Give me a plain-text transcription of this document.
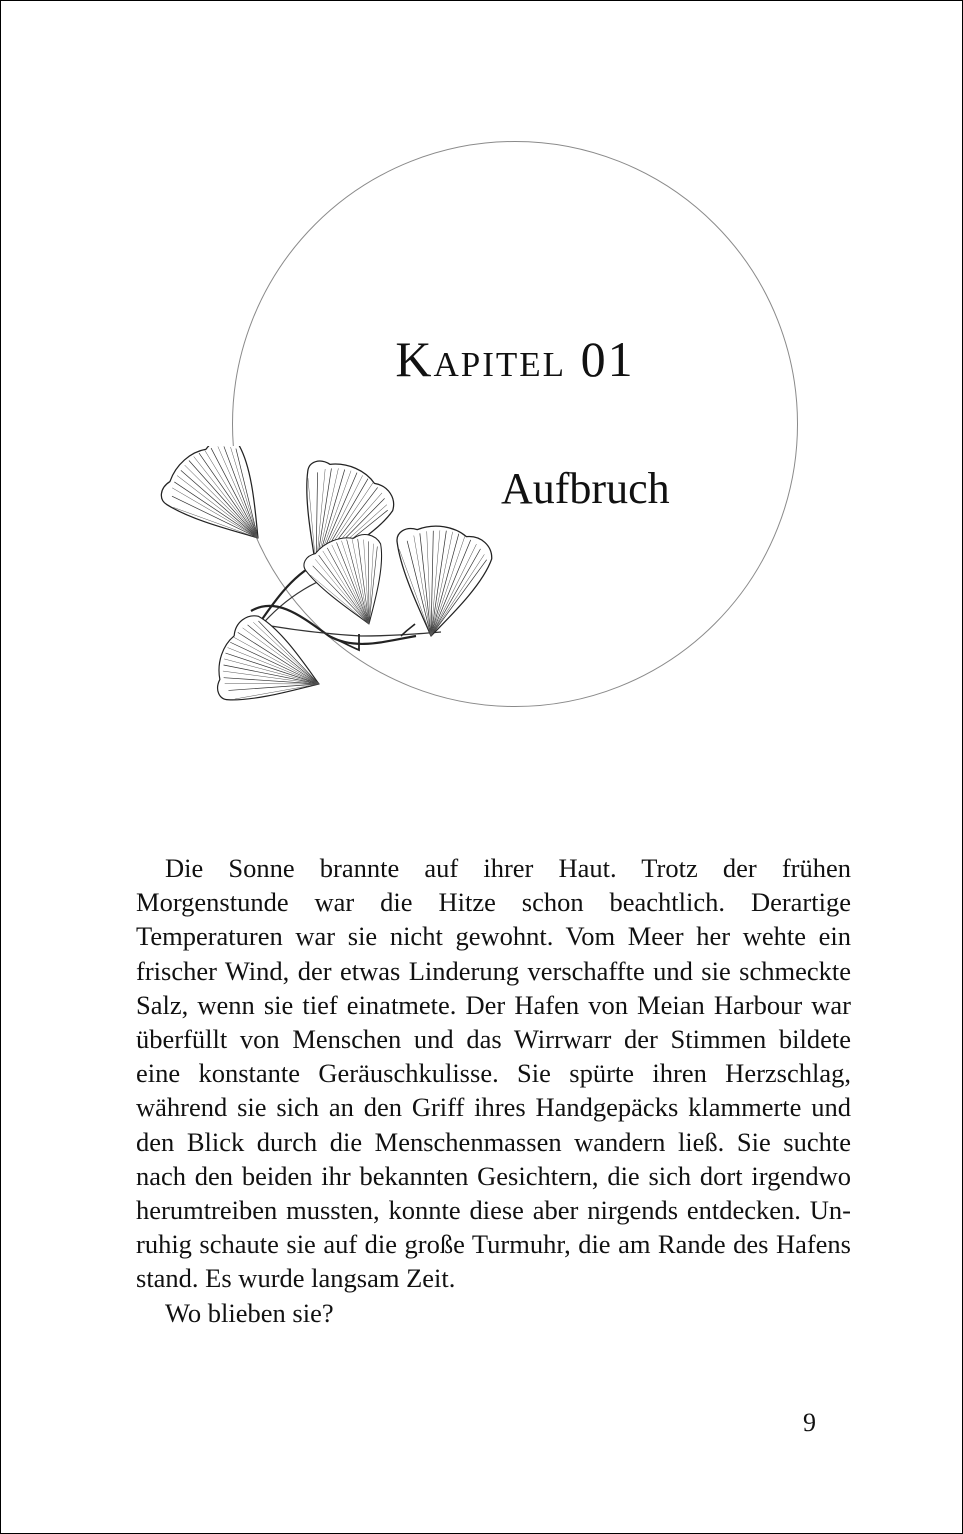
Kapitel 01
Aufbruch

Die Sonne brannte auf ihrer Haut. Trotz der frühen Morgenstunde war die Hitze schon beachtlich. Derartige Temperaturen war sie nicht gewohnt. Vom Meer her wehte ein frischer Wind, der etwas Linderung verschaffte und sie schmeckte Salz, wenn sie tief einatmete. Der Hafen von Meian Harbour war überfüllt von Menschen und das Wirrwarr der Stimmen bildete eine konstante Geräuschkulisse. Sie spürte ihren Herzschlag, während sie sich an den Griff ihres Handgepäcks klammerte und den Blick durch die Menschenmassen wandern ließ. Sie suchte nach den beiden ihr bekannten Gesichtern, die sich dort irgendwo herumtreiben mussten, konnte diese aber nirgends entdecken. Unruhig schaute sie auf die große Turmuhr, die am Rande des Hafens stand. Es wurde langsam Zeit.

Wo blieben sie?

9
